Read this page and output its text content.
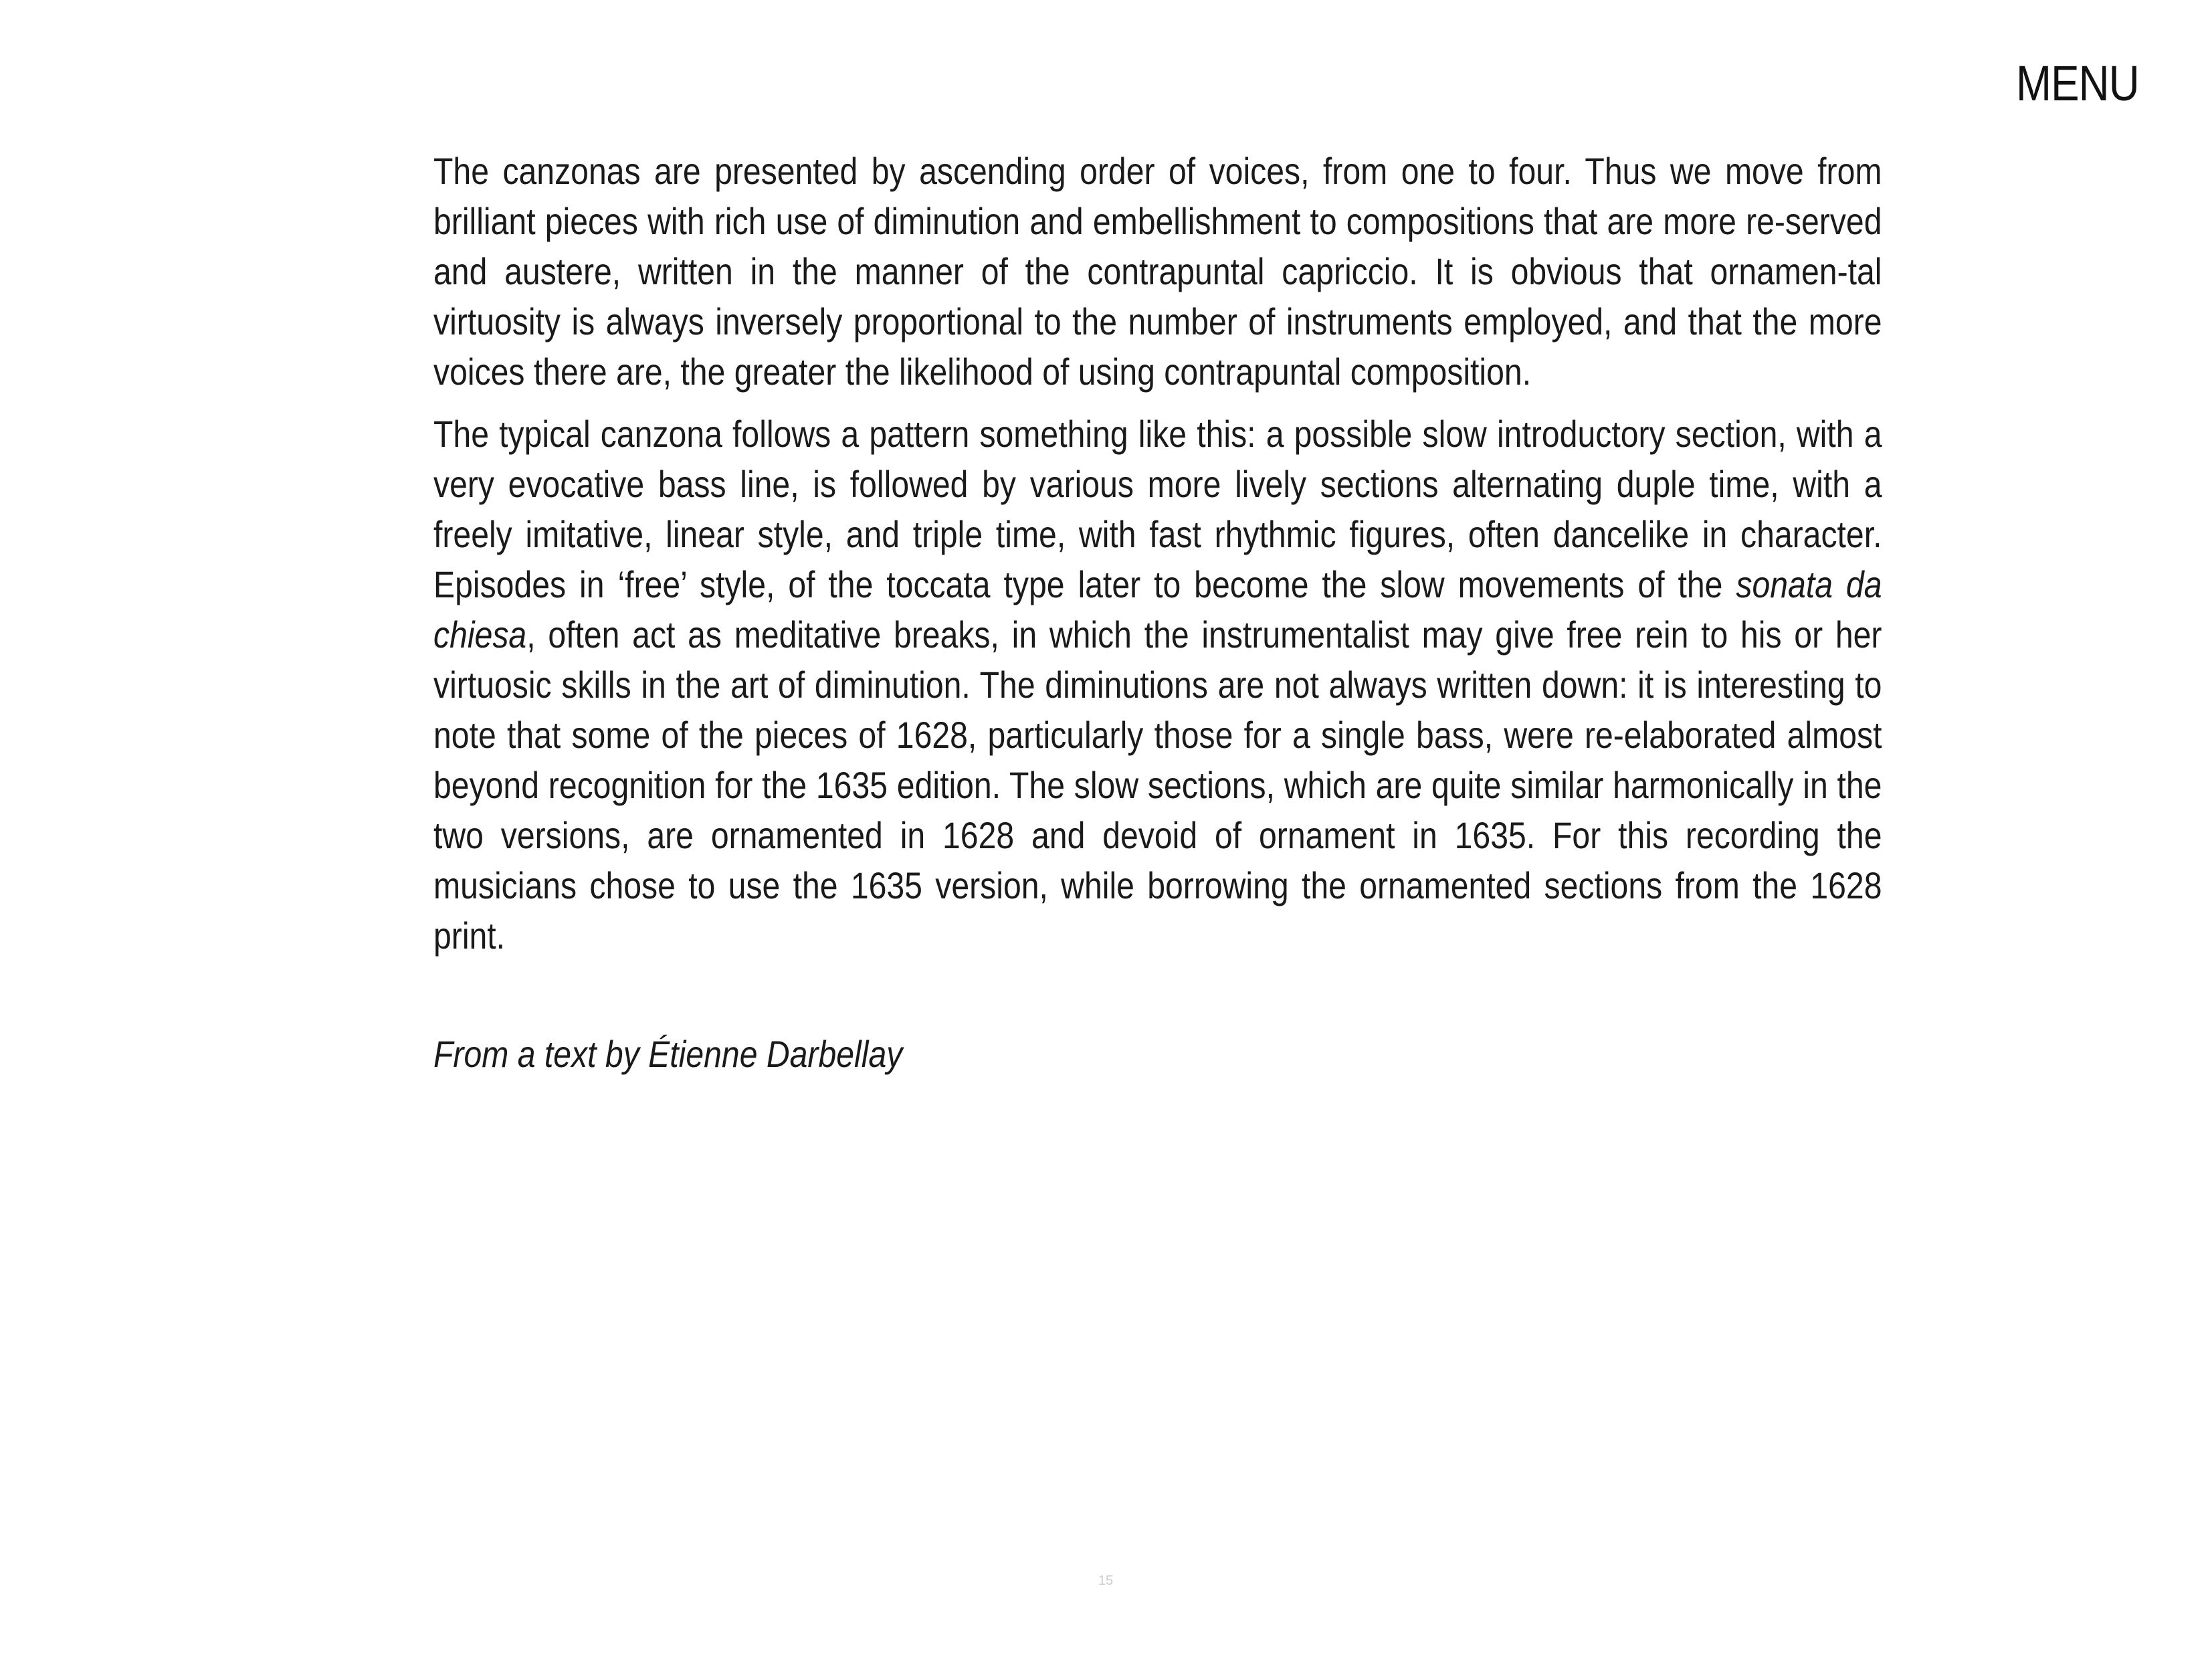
MENU

The canzonas are presented by ascending order of voices, from one to four. Thus we move from brilliant pieces with rich use of diminution and embellishment to compositions that are more re-served and austere, written in the manner of the contrapuntal capriccio. It is obvious that ornamen-tal virtuosity is always inversely proportional to the number of instruments employed, and that the more voices there are, the greater the likelihood of using contrapuntal composition.

The typical canzona follows a pattern something like this: a possible slow introductory section, with a very evocative bass line, is followed by various more lively sections alternating duple time, with a freely imitative, linear style, and triple time, with fast rhythmic figures, often dancelike in character. Episodes in ‘free’ style, of the toccata type later to become the slow movements of the sonata da chiesa, often act as meditative breaks, in which the instrumentalist may give free rein to his or her virtuosic skills in the art of diminution. The diminutions are not always written down: it is interesting to note that some of the pieces of 1628, particularly those for a single bass, were re-elaborated almost beyond recognition for the 1635 edition. The slow sections, which are quite similar harmonically in the two versions, are ornamented in 1628 and devoid of ornament in 1635. For this recording the musicians chose to use the 1635 version, while borrowing the ornamented sections from the 1628 print.

From a text by Étienne Darbellay

15
